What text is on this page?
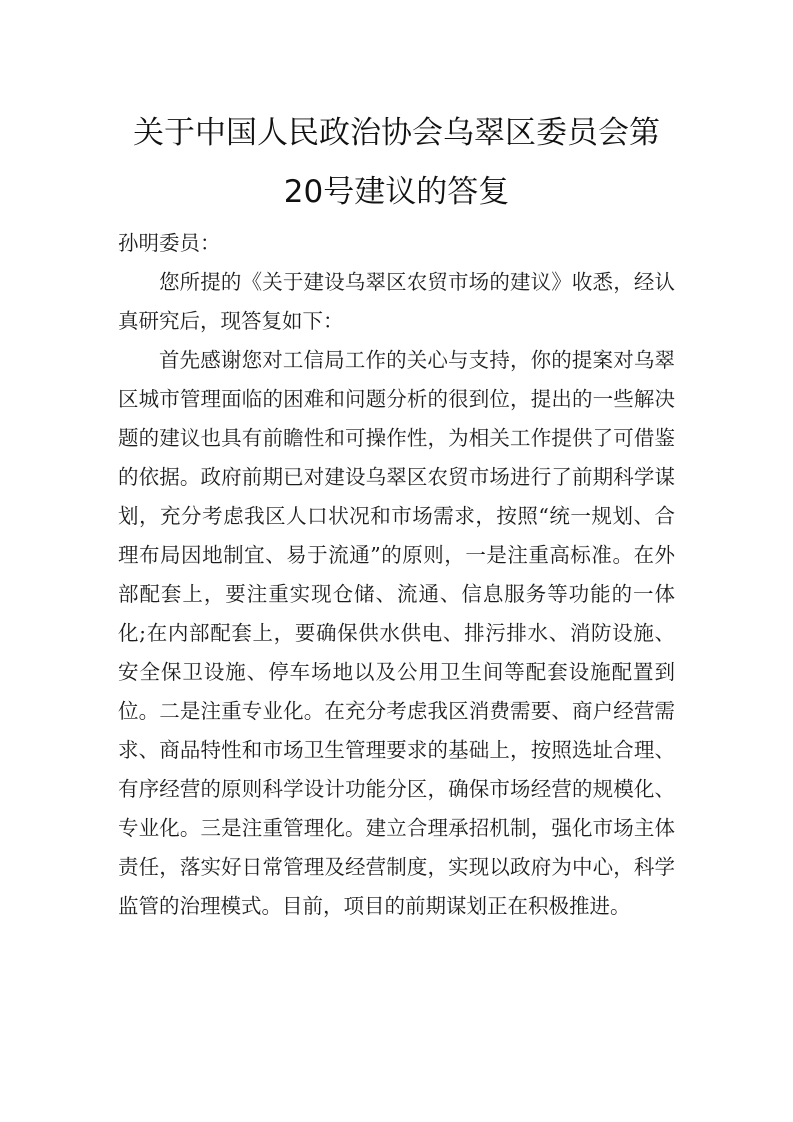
关于中国人民政治协会乌翠区委员会第20号建议的答复

孙明委员：

您所提的《关于建设乌翠区农贸市场的建议》收悉，经认真研究后，现答复如下：

首先感谢您对工信局工作的关心与支持，你的提案对乌翠区城市管理面临的困难和问题分析的很到位，提出的一些解决题的建议也具有前瞻性和可操作性，为相关工作提供了可借鉴的依据。政府前期已对建设乌翠区农贸市场进行了前期科学谋划，充分考虑我区人口状况和市场需求，按照“统一规划、合理布局因地制宜、易于流通”的原则，一是注重高标准。在外部配套上，要注重实现仓储、流通、信息服务等功能的一体化;在内部配套上，要确保供水供电、排污排水、消防设施、安全保卫设施、停车场地以及公用卫生间等配套设施配置到位。二是注重专业化。在充分考虑我区消费需要、商户经营需求、商品特性和市场卫生管理要求的基础上，按照选址合理、有序经营的原则科学设计功能分区，确保市场经营的规模化、专业化。三是注重管理化。建立合理承招机制，强化市场主体责任，落实好日常管理及经营制度，实现以政府为中心，科学监管的治理模式。目前，项目的前期谋划正在积极推进。
